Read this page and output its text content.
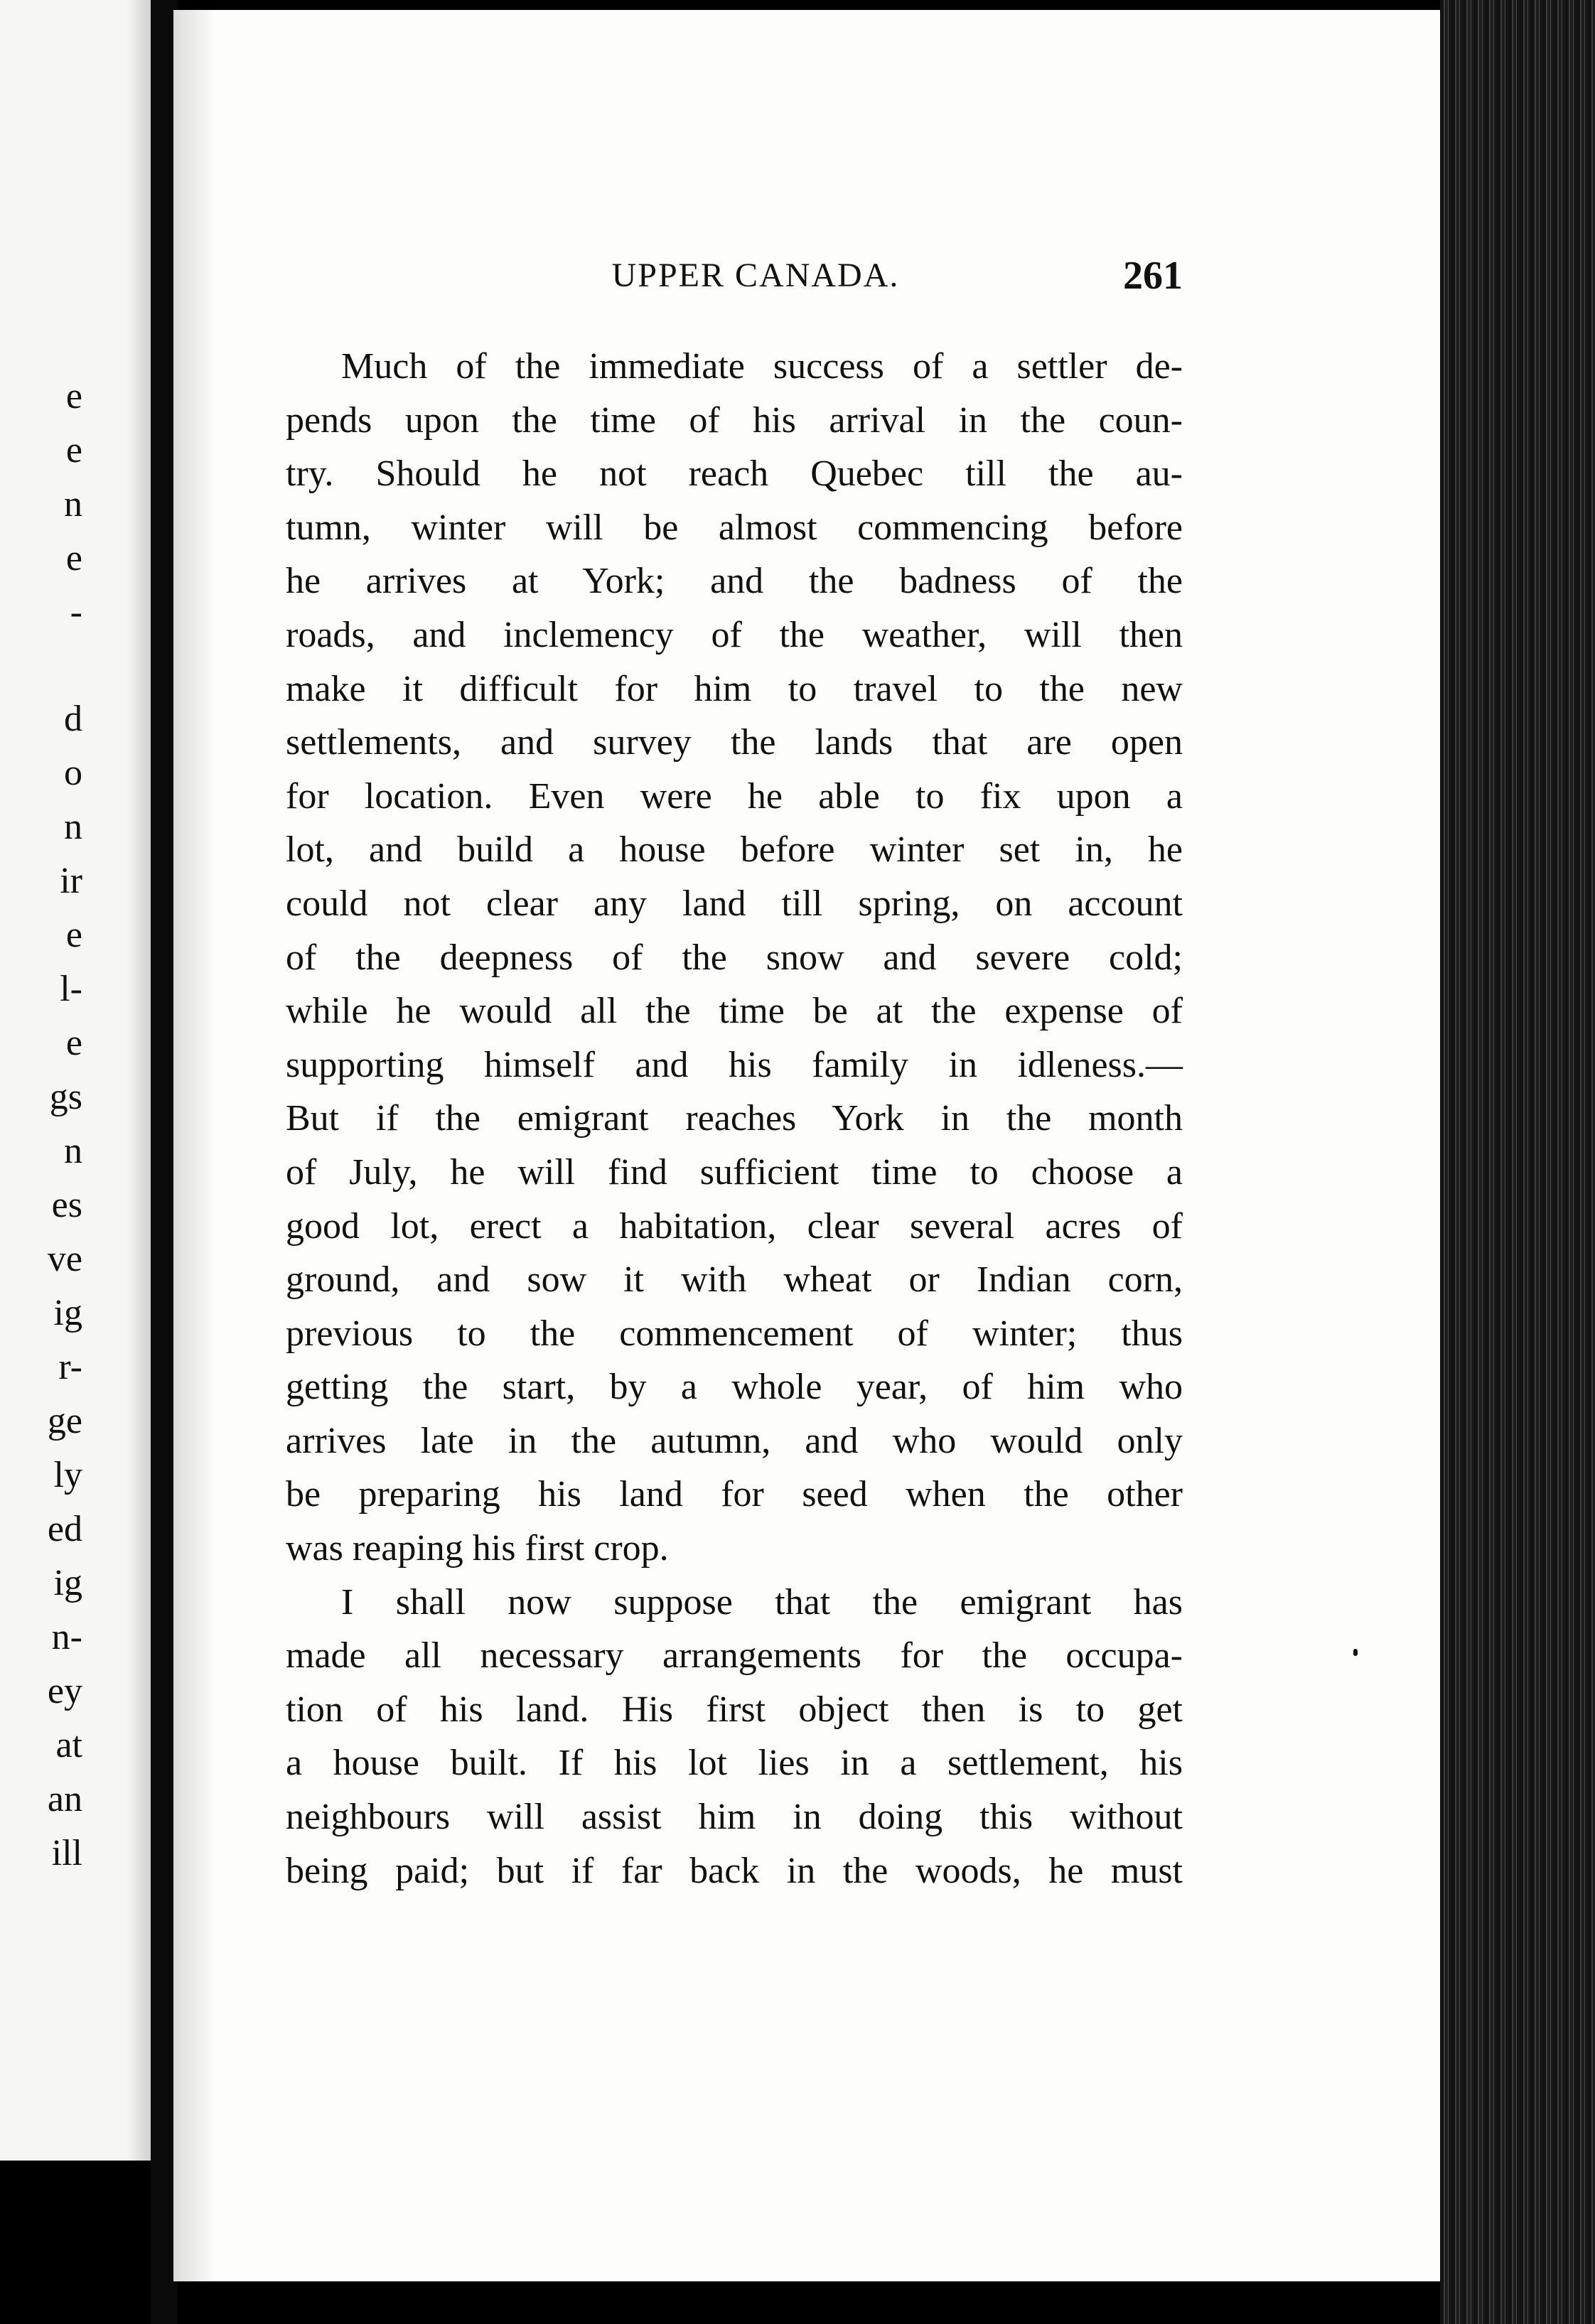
e
e
n
e
-
d
o
n
ir
e
l-
e
gs
n
es
ve
ig
r-
ge
ly
ed
ig
n-
ey
at
an
ill
UPPER CANADA.	261
Much of the immediate success of a settler de-
pends upon the time of his arrival in the coun-
try. Should he not reach Quebec till the au-
tumn, winter will be almost commencing before
he arrives at York; and the badness of the
roads, and inclemency of the weather, will then
make it difficult for him to travel to the new
settlements, and survey the lands that are open
for location. Even were he able to fix upon a
lot, and build a house before winter set in, he
could not clear any land till spring, on account
of the deepness of the snow and severe cold;
while he would all the time be at the expense of
supporting himself and his family in idleness.—
But if the emigrant reaches York in the month
of July, he will find sufficient time to choose a
good lot, erect a habitation, clear several acres of
ground, and sow it with wheat or Indian corn,
previous to the commencement of winter; thus
getting the start, by a whole year, of him who
arrives late in the autumn, and who would only
be preparing his land for seed when the other
was reaping his first crop.
I shall now suppose that the emigrant has
made all necessary arrangements for the occupa-
tion of his land. His first object then is to get
a house built. If his lot lies in a settlement, his
neighbours will assist him in doing this without
being paid; but if far back in the woods, he must
